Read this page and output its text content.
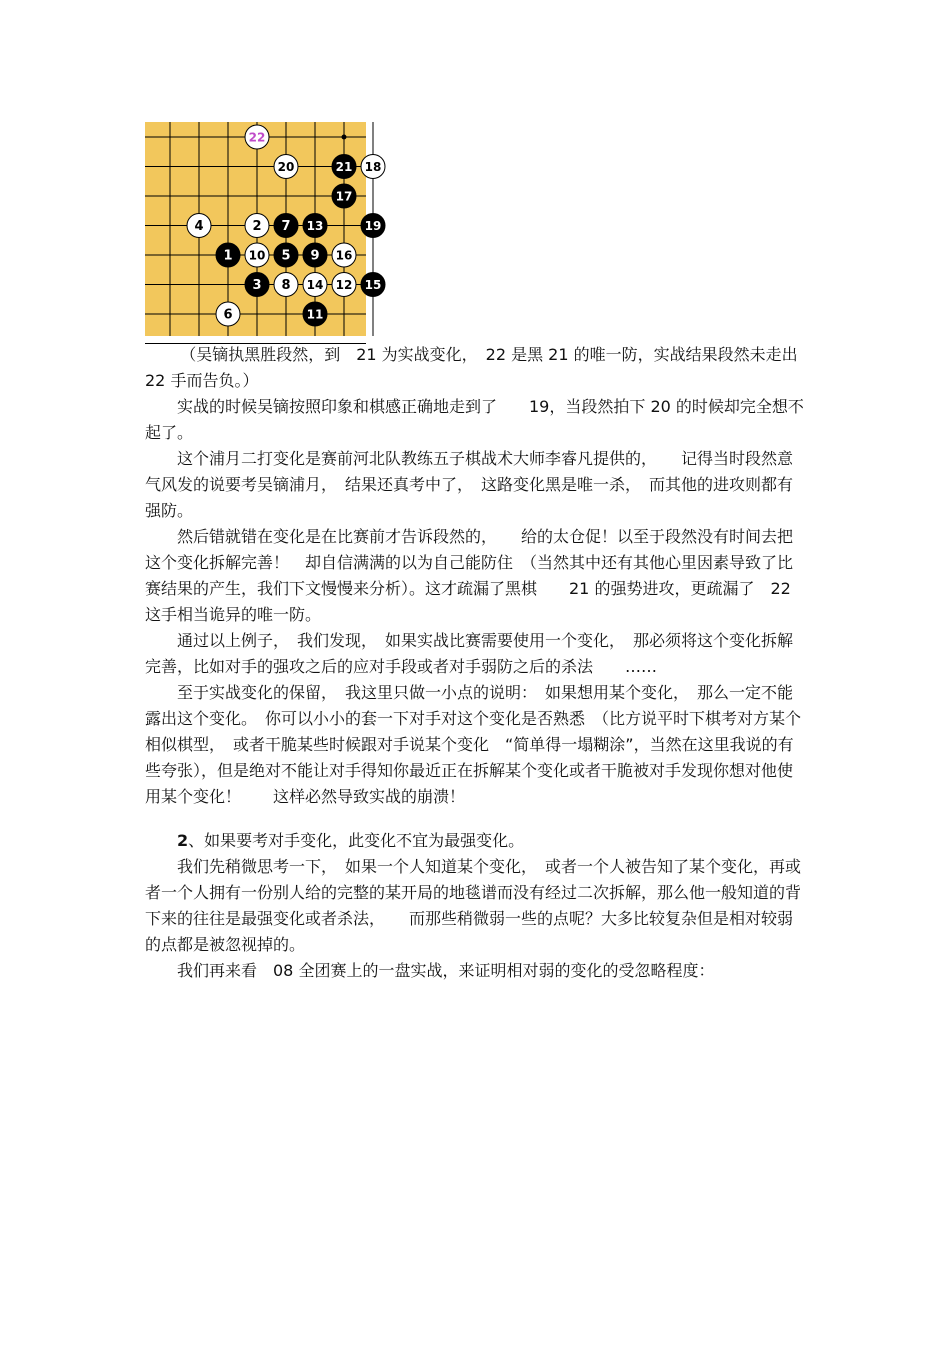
22
20	21 18
17
4	2 7 13	19
1 10 5 9 16
3 8 14 12 15
6	11

（吴镝执黑胜段然，到　21 为实战变化，　22 是黑 21 的唯一防，实战结果段然未走出 22 手而告负。）

实战的时候吴镝按照印象和棋感正确地走到了　　19，当段然拍下 20 的时候却完全想不起了。

这个浦月二打变化是赛前河北队教练五子棋战术大师李睿凡提供的，　　记得当时段然意气风发的说要考吴镝浦月，　结果还真考中了，　这路变化黑是唯一杀，　而其他的进攻则都有强防。

然后错就错在变化是在比赛前才告诉段然的，　　给的太仓促！以至于段然没有时间去把这个变化拆解完善！　却自信满满的以为自己能防住　（当然其中还有其他心里因素导致了比赛结果的产生，我们下文慢慢来分析）。这才疏漏了黑棋　　21 的强势进攻，更疏漏了　22 这手相当诡异的唯一防。

通过以上例子，　我们发现，　如果实战比赛需要使用一个变化，　那必须将这个变化拆解完善，比如对手的强攻之后的应对手段或者对手弱防之后的杀法　　……

至于实战变化的保留，　我这里只做一小点的说明：　如果想用某个变化，　那么一定不能露出这个变化。　你可以小小的套一下对手对这个变化是否熟悉　（比方说平时下棋考对方某个相似棋型，　或者干脆某些时候跟对手说某个变化　“简单得一塌糊涂”，当然在这里我说的有些夸张），但是绝对不能让对手得知你最近正在拆解某个变化或者干脆被对手发现你想对他使用某个变化！　　这样必然导致实战的崩溃！

2、如果要考对手变化，此变化不宜为最强变化。

我们先稍微思考一下，　如果一个人知道某个变化，　或者一个人被告知了某个变化，再或者一个人拥有一份别人给的完整的某开局的地毯谱而没有经过二次拆解，那么他一般知道的背下来的往往是最强变化或者杀法，　　而那些稍微弱一些的点呢？大多比较复杂但是相对较弱的点都是被忽视掉的。

我们再来看　08 全团赛上的一盘实战，来证明相对弱的变化的受忽略程度：
